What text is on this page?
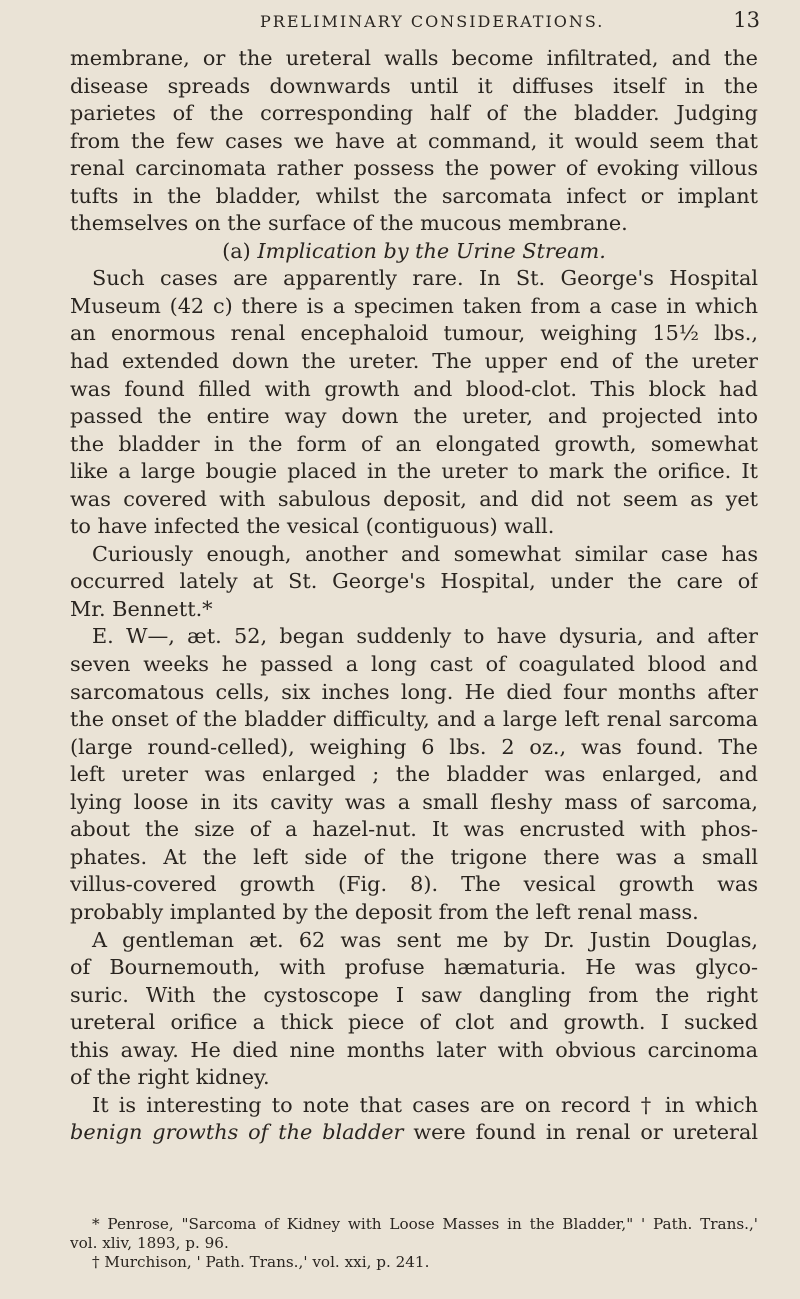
PRELIMINARY CONSIDERATIONS.	13
membrane, or the ureteral walls become infiltrated, and the
disease spreads downwards until it diffuses itself in the
parietes of the corresponding half of the bladder. Judging
from the few cases we have at command, it would seem that
renal carcinomata rather possess the power of evoking villous
tufts in the bladder, whilst the sarcomata infect or implant
themselves on the surface of the mucous membrane.
(a) Implication by the Urine Stream.
Such cases are apparently rare. In St. George's Hospital
Museum (42 c) there is a specimen taken from a case in which
an enormous renal encephaloid tumour, weighing 15½ lbs.,
had extended down the ureter. The upper end of the ureter
was found filled with growth and blood-clot. This block had
passed the entire way down the ureter, and projected into
the bladder in the form of an elongated growth, somewhat
like a large bougie placed in the ureter to mark the orifice. It
was covered with sabulous deposit, and did not seem as yet
to have infected the vesical (contiguous) wall.
Curiously enough, another and somewhat similar case has
occurred lately at St. George's Hospital, under the care of
Mr. Bennett.*
E. W—, æt. 52, began suddenly to have dysuria, and after
seven weeks he passed a long cast of coagulated blood and
sarcomatous cells, six inches long. He died four months after
the onset of the bladder difficulty, and a large left renal sarcoma
(large round-celled), weighing 6 lbs. 2 oz., was found. The
left ureter was enlarged ; the bladder was enlarged, and
lying loose in its cavity was a small fleshy mass of sarcoma,
about the size of a hazel-nut. It was encrusted with phos-
phates. At the left side of the trigone there was a small
villus-covered growth (Fig. 8). The vesical growth was
probably implanted by the deposit from the left renal mass.
A gentleman æt. 62 was sent me by Dr. Justin Douglas,
of Bournemouth, with profuse hæmaturia. He was glyco-
suric. With the cystoscope I saw dangling from the right
ureteral orifice a thick piece of clot and growth. I sucked
this away. He died nine months later with obvious carcinoma
of the right kidney.
It is interesting to note that cases are on record † in which
benign growths of the bladder were found in renal or ureteral
* Penrose, "Sarcoma of Kidney with Loose Masses in the Bladder," ' Path. Trans.,'
vol. xliv, 1893, p. 96.
† Murchison, ' Path. Trans.,' vol. xxi, p. 241.
